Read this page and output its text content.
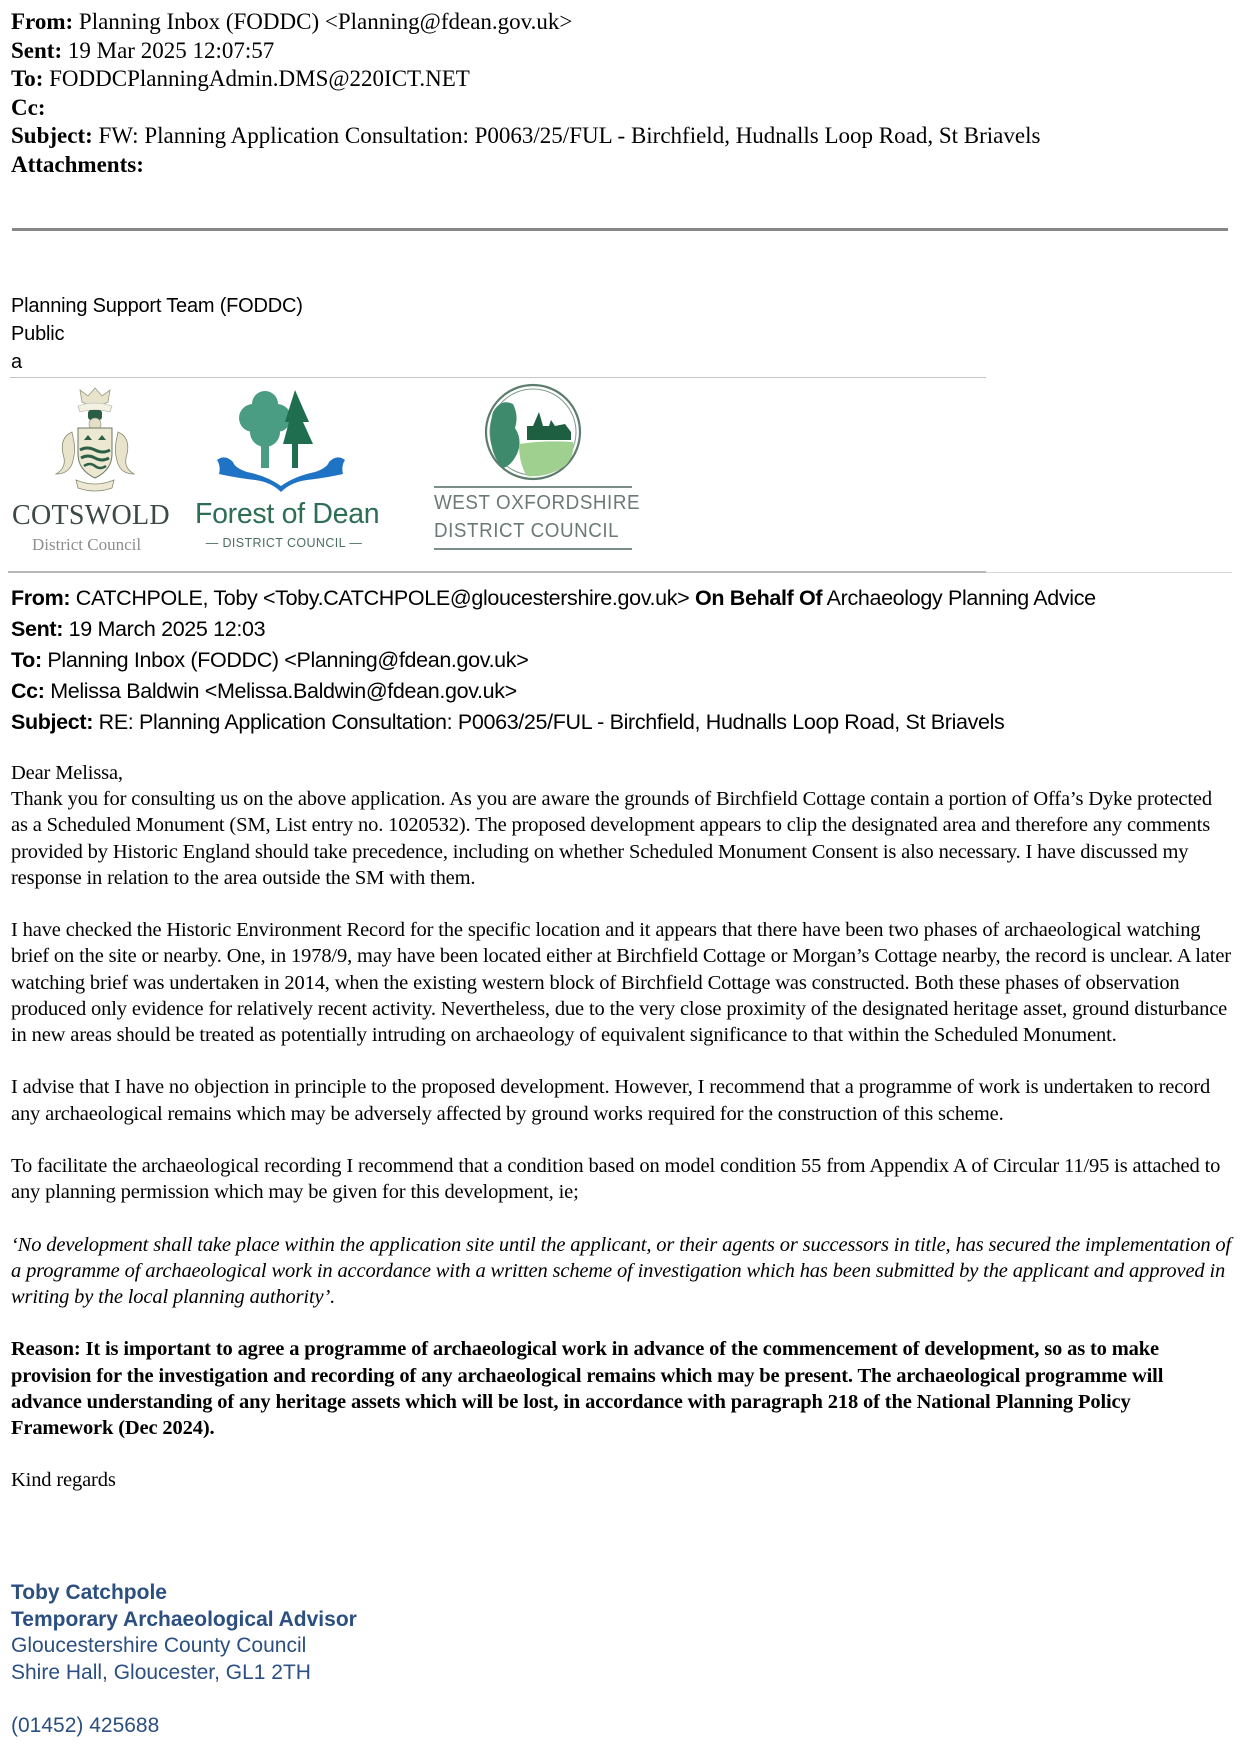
From: Planning Inbox (FODDC) <Planning@fdean.gov.uk>
Sent: 19 Mar 2025 12:07:57
To: FODDCPlanningAdmin.DMS@220ICT.NET
Cc:
Subject: FW: Planning Application Consultation: P0063/25/FUL - Birchfield, Hudnalls Loop Road, St Briavels
Attachments:
Planning Support Team (FODDC)
Public
a
COTSWOLD
District Council
Forest of Dean
— DISTRICT COUNCIL —
WEST OXFORDSHIRE
DISTRICT COUNCIL
From: CATCHPOLE, Toby <Toby.CATCHPOLE@gloucestershire.gov.uk> On Behalf Of Archaeology Planning Advice
Sent: 19 March 2025 12:03
To: Planning Inbox (FODDC) <Planning@fdean.gov.uk>
Cc: Melissa Baldwin <Melissa.Baldwin@fdean.gov.uk>
Subject: RE: Planning Application Consultation: P0063/25/FUL - Birchfield, Hudnalls Loop Road, St Briavels

Dear Melissa,

Thank you for consulting us on the above application. As you are aware the grounds of Birchfield Cottage contain a portion of Offa’s Dyke protected as a Scheduled Monument (SM, List entry no. 1020532). The proposed development appears to clip the designated area and therefore any comments provided by Historic England should take precedence, including on whether Scheduled Monument Consent is also necessary. I have discussed my response in relation to the area outside the SM with them.

I have checked the Historic Environment Record for the specific location and it appears that there have been two phases of archaeological watching brief on the site or nearby. One, in 1978/9, may have been located either at Birchfield Cottage or Morgan’s Cottage nearby, the record is unclear. A later watching brief was undertaken in 2014, when the existing western block of Birchfield Cottage was constructed. Both these phases of observation produced only evidence for relatively recent activity. Nevertheless, due to the very close proximity of the designated heritage asset, ground disturbance in new areas should be treated as potentially intruding on archaeology of equivalent significance to that within the Scheduled Monument.

I advise that I have no objection in principle to the proposed development. However, I recommend that a programme of work is undertaken to record any archaeological remains which may be adversely affected by ground works required for the construction of this scheme.

To facilitate the archaeological recording I recommend that a condition based on model condition 55 from Appendix A of Circular 11/95 is attached to any planning permission which may be given for this development, ie;

‘No development shall take place within the application site until the applicant, or their agents or successors in title, has secured the implementation of a programme of archaeological work in accordance with a written scheme of investigation which has been submitted by the applicant and approved in writing by the local planning authority’.

Reason: It is important to agree a programme of archaeological work in advance of the commencement of development, so as to make provision for the investigation and recording of any archaeological remains which may be present. The archaeological programme will advance understanding of any heritage assets which will be lost, in accordance with paragraph 218 of the National Planning Policy Framework (Dec 2024).

Kind regards

Toby Catchpole
Temporary Archaeological Advisor
Gloucestershire County Council
Shire Hall, Gloucester, GL1 2TH
(01452) 425688
